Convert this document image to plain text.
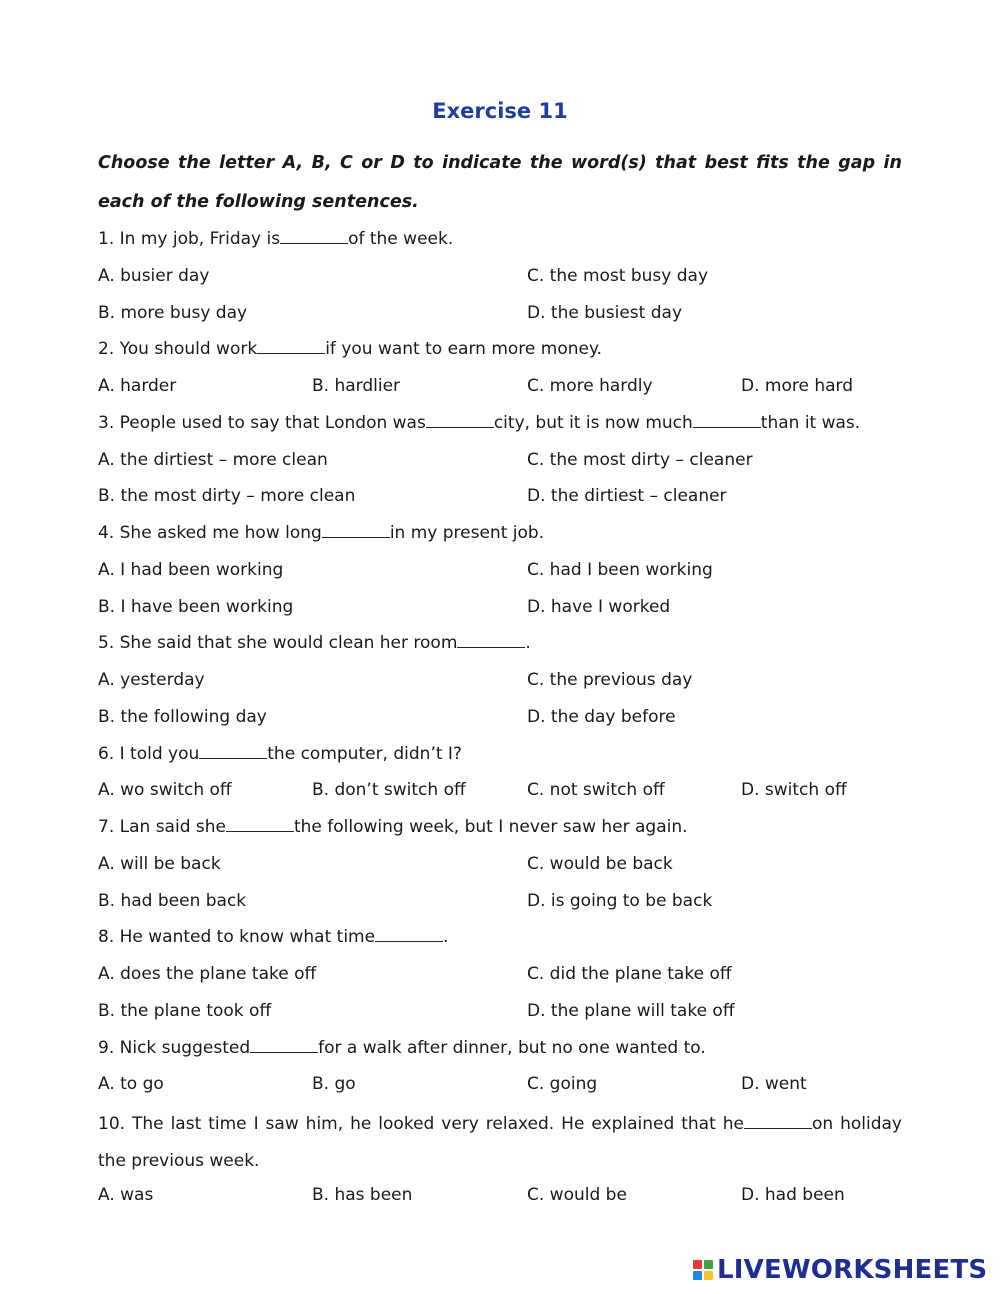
Exercise 11
Choose the letter A, B, C or D to indicate the word(s) that best fits the gap in each of the following sentences.
1. In my job, Friday is	of the week.
A. busier day	C. the most busy day
B. more busy day	D. the busiest day
2. You should work	if you want to earn more money.
A. harder	B. hardlier	C. more hardly	D. more hard
3. People used to say that London was	city, but it is now much	than it was.
A. the dirtiest – more clean	C. the most dirty – cleaner
B. the most dirty – more clean	D. the dirtiest – cleaner
4. She asked me how long	in my present job.
A. I had been working	C. had I been working
B. I have been working	D. have I worked
5. She said that she would clean her room	.
A. yesterday	C. the previous day
B. the following day	D. the day before
6. I told you	the computer, didn’t I?
A. wo switch off	B. don’t switch off	C. not switch off	D. switch off
7. Lan said she	the following week, but I never saw her again.
A. will be back	C. would be back
B. had been back	D. is going to be back
8. He wanted to know what time	.
A. does the plane take off	C. did the plane take off
B. the plane took off	D. the plane will take off
9. Nick suggested	for a walk after dinner, but no one wanted to.
A. to go	B. go	C. going	D. went
10. The last time I saw him, he looked very relaxed. He explained that he	on holiday the previous week.
A. was	B. has been	C. would be	D. had been
LIVEWORKSHEETS
